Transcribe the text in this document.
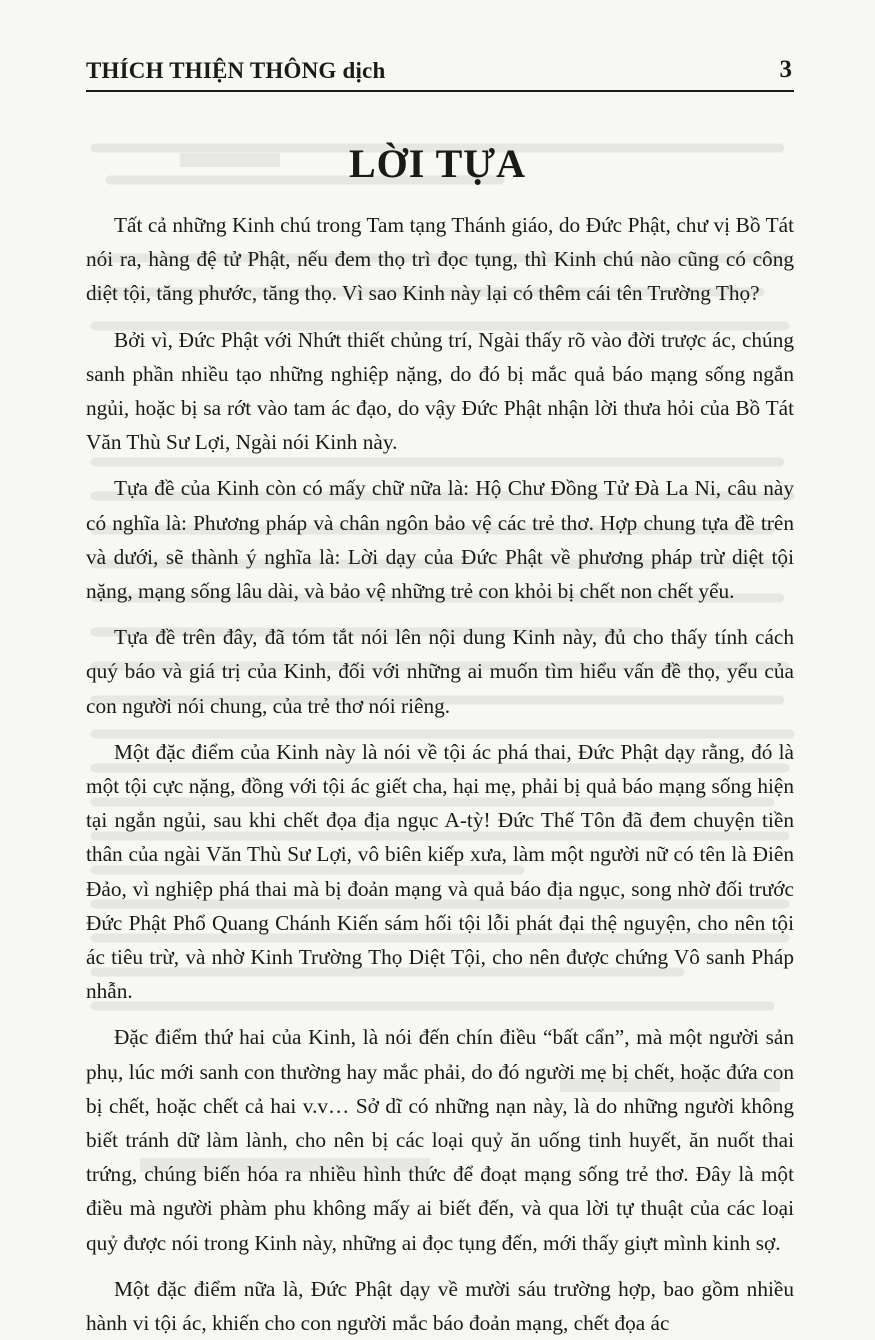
THÍCH THIỆN THÔNG dịch	3
LỜI TỰA

Tất cả những Kinh chú trong Tam tạng Thánh giáo, do Đức Phật, chư vị Bồ Tát nói ra, hàng đệ tử Phật, nếu đem thọ trì đọc tụng, thì Kinh chú nào cũng có công diệt tội, tăng phước, tăng thọ. Vì sao Kinh này lại có thêm cái tên Trường Thọ?

Bởi vì, Đức Phật với Nhứt thiết chủng trí, Ngài thấy rõ vào đời trược ác, chúng sanh phần nhiều tạo những nghiệp nặng, do đó bị mắc quả báo mạng sống ngắn ngủi, hoặc bị sa rớt vào tam ác đạo, do vậy Đức Phật nhận lời thưa hỏi của Bồ Tát Văn Thù Sư Lợi, Ngài nói Kinh này.

Tựa đề của Kinh còn có mấy chữ nữa là: Hộ Chư Đồng Tử Đà La Ni, câu này có nghĩa là: Phương pháp và chân ngôn bảo vệ các trẻ thơ. Hợp chung tựa đề trên và dưới, sẽ thành ý nghĩa là: Lời dạy của Đức Phật về phương pháp trừ diệt tội nặng, mạng sống lâu dài, và bảo vệ những trẻ con khỏi bị chết non chết yểu.

Tựa đề trên đây, đã tóm tắt nói lên nội dung Kinh này, đủ cho thấy tính cách quý báo và giá trị của Kinh, đối với những ai muốn tìm hiểu vấn đề thọ, yểu của con người nói chung, của trẻ thơ nói riêng.

Một đặc điểm của Kinh này là nói về tội ác phá thai, Đức Phật dạy rằng, đó là một tội cực nặng, đồng với tội ác giết cha, hại mẹ, phải bị quả báo mạng sống hiện tại ngắn ngủi, sau khi chết đọa địa ngục A-tỳ! Đức Thế Tôn đã đem chuyện tiền thân của ngài Văn Thù Sư Lợi, vô biên kiếp xưa, làm một người nữ có tên là Điên Đảo, vì nghiệp phá thai mà bị đoản mạng và quả báo địa ngục, song nhờ đối trước Đức Phật Phổ Quang Chánh Kiến sám hối tội lỗi phát đại thệ nguyện, cho nên tội ác tiêu trừ, và nhờ Kinh Trường Thọ Diệt Tội, cho nên được chứng Vô sanh Pháp nhẫn.

Đặc điểm thứ hai của Kinh, là nói đến chín điều “bất cẩn”, mà một người sản phụ, lúc mới sanh con thường hay mắc phải, do đó người mẹ bị chết, hoặc đứa con bị chết, hoặc chết cả hai v.v… Sở dĩ có những nạn này, là do những người không biết tránh dữ làm lành, cho nên bị các loại quỷ ăn uống tinh huyết, ăn nuốt thai trứng, chúng biến hóa ra nhiều hình thức để đoạt mạng sống trẻ thơ. Đây là một điều mà người phàm phu không mấy ai biết đến, và qua lời tự thuật của các loại quỷ được nói trong Kinh này, những ai đọc tụng đến, mới thấy giựt mình kinh sợ.

Một đặc điểm nữa là, Đức Phật dạy về mười sáu trường hợp, bao gồm nhiều hành vi tội ác, khiến cho con người mắc báo đoản mạng, chết đọa ác
